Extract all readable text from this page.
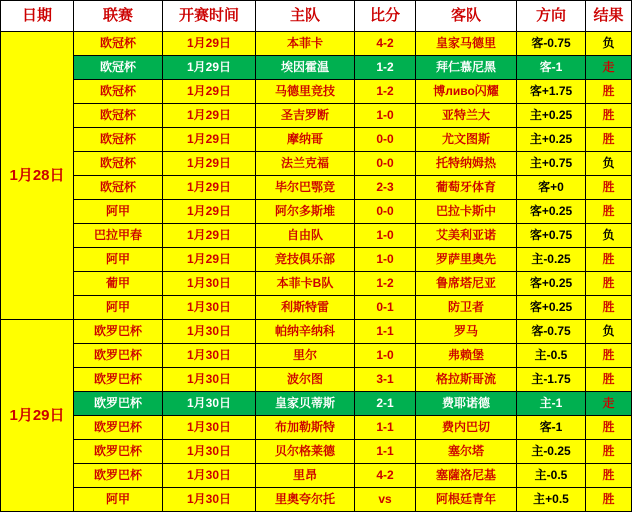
日期	联赛	开赛时间	主队	比分	客队	方向	结果
1月28日	欧冠杯	1月29日	本菲卡	4-2	皇家马德里	客-0.75	负
	欧冠杯	1月29日	埃因霍温	1-2	拜仁慕尼黑	客-1	走
	欧冠杯	1月29日	马德里竞技	1-2	博ливо闪耀	客+1.75	胜
	欧冠杯	1月29日	圣吉罗断	1-0	亚特兰大	主+0.25	胜
	欧冠杯	1月29日	摩纳哥	0-0	尤文图斯	主+0.25	胜
	欧冠杯	1月29日	法兰克福	0-0	托特纳姆热	主+0.75	负
	欧冠杯	1月29日	毕尔巴鄂竞	2-3	葡萄牙体育	客+0	胜
	阿甲	1月29日	阿尔多斯堆	0-0	巴拉卡斯中	客+0.25	胜
	巴拉甲春	1月29日	自由队	1-0	艾美利亚诺	客+0.75	负
	阿甲	1月29日	竞技俱乐部	1-0	罗萨里奥先	主-0.25	胜
	葡甲	1月30日	本菲卡B队	1-2	鲁席塔尼亚	客+0.25	胜
	阿甲	1月30日	利斯特雷	0-1	防卫者	客+0.25	胜
1月29日	欧罗巴杯	1月30日	帕纳辛纳科	1-1	罗马	客-0.75	负
	欧罗巴杯	1月30日	里尔	1-0	弗赖堡	主-0.5	胜
	欧罗巴杯	1月30日	波尔图	3-1	格拉斯哥流	主-1.75	胜
	欧罗巴杯	1月30日	皇家贝蒂斯	2-1	费耶诺德	主-1	走
	欧罗巴杯	1月30日	布加勒斯特	1-1	费内巴切	客-1	胜
	欧罗巴杯	1月30日	贝尔格莱德	1-1	塞尔塔	主-0.25	胜
	欧罗巴杯	1月30日	里昂	4-2	塞薩洛尼基	主-0.5	胜
	阿甲	1月30日	里奥夸尔托	vs	阿根廷青年	主+0.5	胜
